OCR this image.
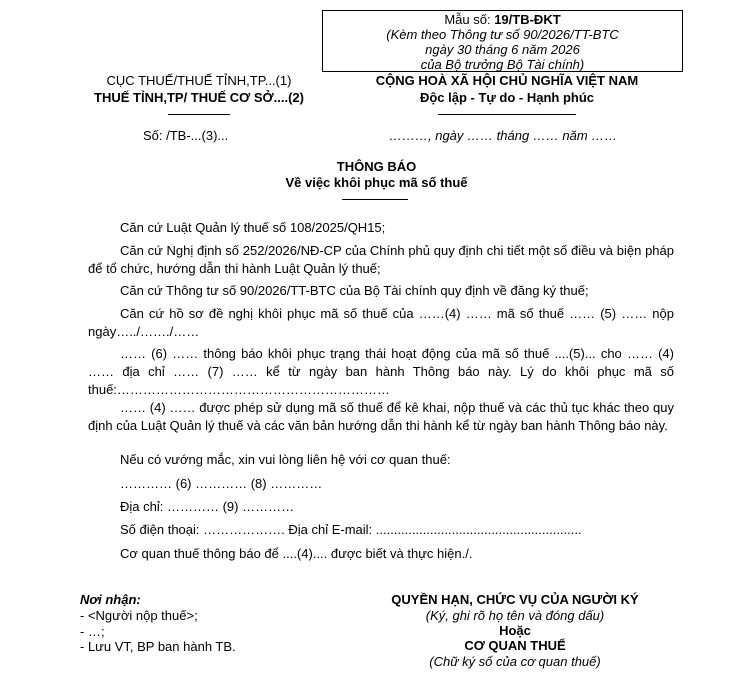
Mẫu số: 19/TB-ĐKT
(Kèm theo Thông tư số 90/2026/TT-BTC
ngày 30 tháng 6 năm 2026
của Bộ trưởng Bộ Tài chính)
CỤC THUẾ/THUẾ TỈNH,TP...(1)
THUẾ TỈNH,TP/ THUẾ CƠ SỞ....(2)
CỘNG HOÀ XÃ HỘI CHỦ NGHĨA VIỆT NAM
Độc lập - Tự do - Hạnh phúc
Số: /TB-...(3)...	………, ngày …… tháng …… năm ……
THÔNG BÁO
Về việc khôi phục mã số thuế
Căn cứ Luật Quản lý thuế số 108/2025/QH15;
Căn cứ Nghị định số 252/2026/NĐ-CP của Chính phủ quy định chi tiết một số điều và biện pháp để tổ chức, hướng dẫn thi hành Luật Quản lý thuế;
Căn cứ Thông tư số 90/2026/TT-BTC của Bộ Tài chính quy định về đăng ký thuế;
Căn cứ hồ sơ đề nghị khôi phục mã số thuế của ……(4) …… mã số thuế …… (5) …… nộp ngày…../……./……
…… (6) …… thông báo khôi phục trạng thái hoạt động của mã số thuế ....(5)... cho …… (4) …… địa chỉ …… (7) …… kể từ ngày ban hành Thông báo này. Lý do khôi phục mã số thuế:………………………………………………………
…… (4) …… được phép sử dụng mã số thuế để kê khai, nộp thuế và các thủ tục khác theo quy định của Luật Quản lý thuế và các văn bản hướng dẫn thi hành kể từ ngày ban hành Thông báo này.
Nếu có vướng mắc, xin vui lòng liên hệ với cơ quan thuế:
………… (6) ………… (8) …………
Địa chỉ: ………… (9) …………
Số điện thoại: ………………. Địa chỉ E-mail: .........................................................
Cơ quan thuế thông báo để ....(4).... được biết và thực hiện./.
Nơi nhận:
- <Người nộp thuế>;
- …;
- Lưu VT, BP ban hành TB.
QUYỀN HẠN, CHỨC VỤ CỦA NGƯỜI KÝ
(Ký, ghi rõ họ tên và đóng dấu)
Hoặc
CƠ QUAN THUẾ
(Chữ ký số của cơ quan thuế)
